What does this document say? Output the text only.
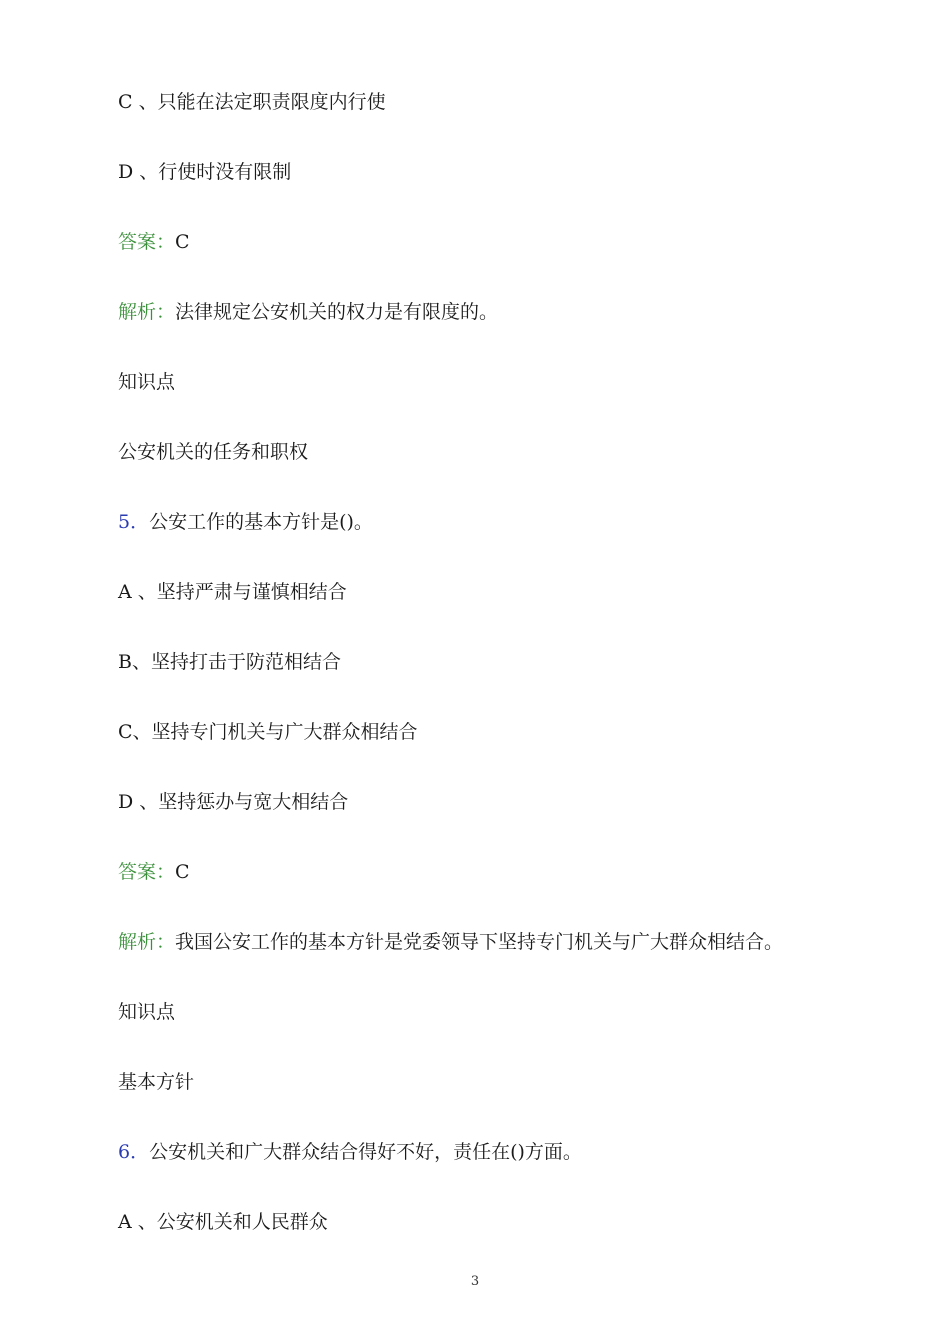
C 、只能在法定职责限度内行使
D 、行使时没有限制
答案：C
解析：法律规定公安机关的权力是有限度的。
知识点
公安机关的任务和职权
5．公安工作的基本方针是()。
A 、坚持严肃与谨慎相结合
B、坚持打击于防范相结合
C、坚持专门机关与广大群众相结合
D 、坚持惩办与宽大相结合
答案：C
解析：我国公安工作的基本方针是党委领导下坚持专门机关与广大群众相结合。
知识点
基本方针
6．公安机关和广大群众结合得好不好，责任在()方面。
A 、公安机关和人民群众
3
